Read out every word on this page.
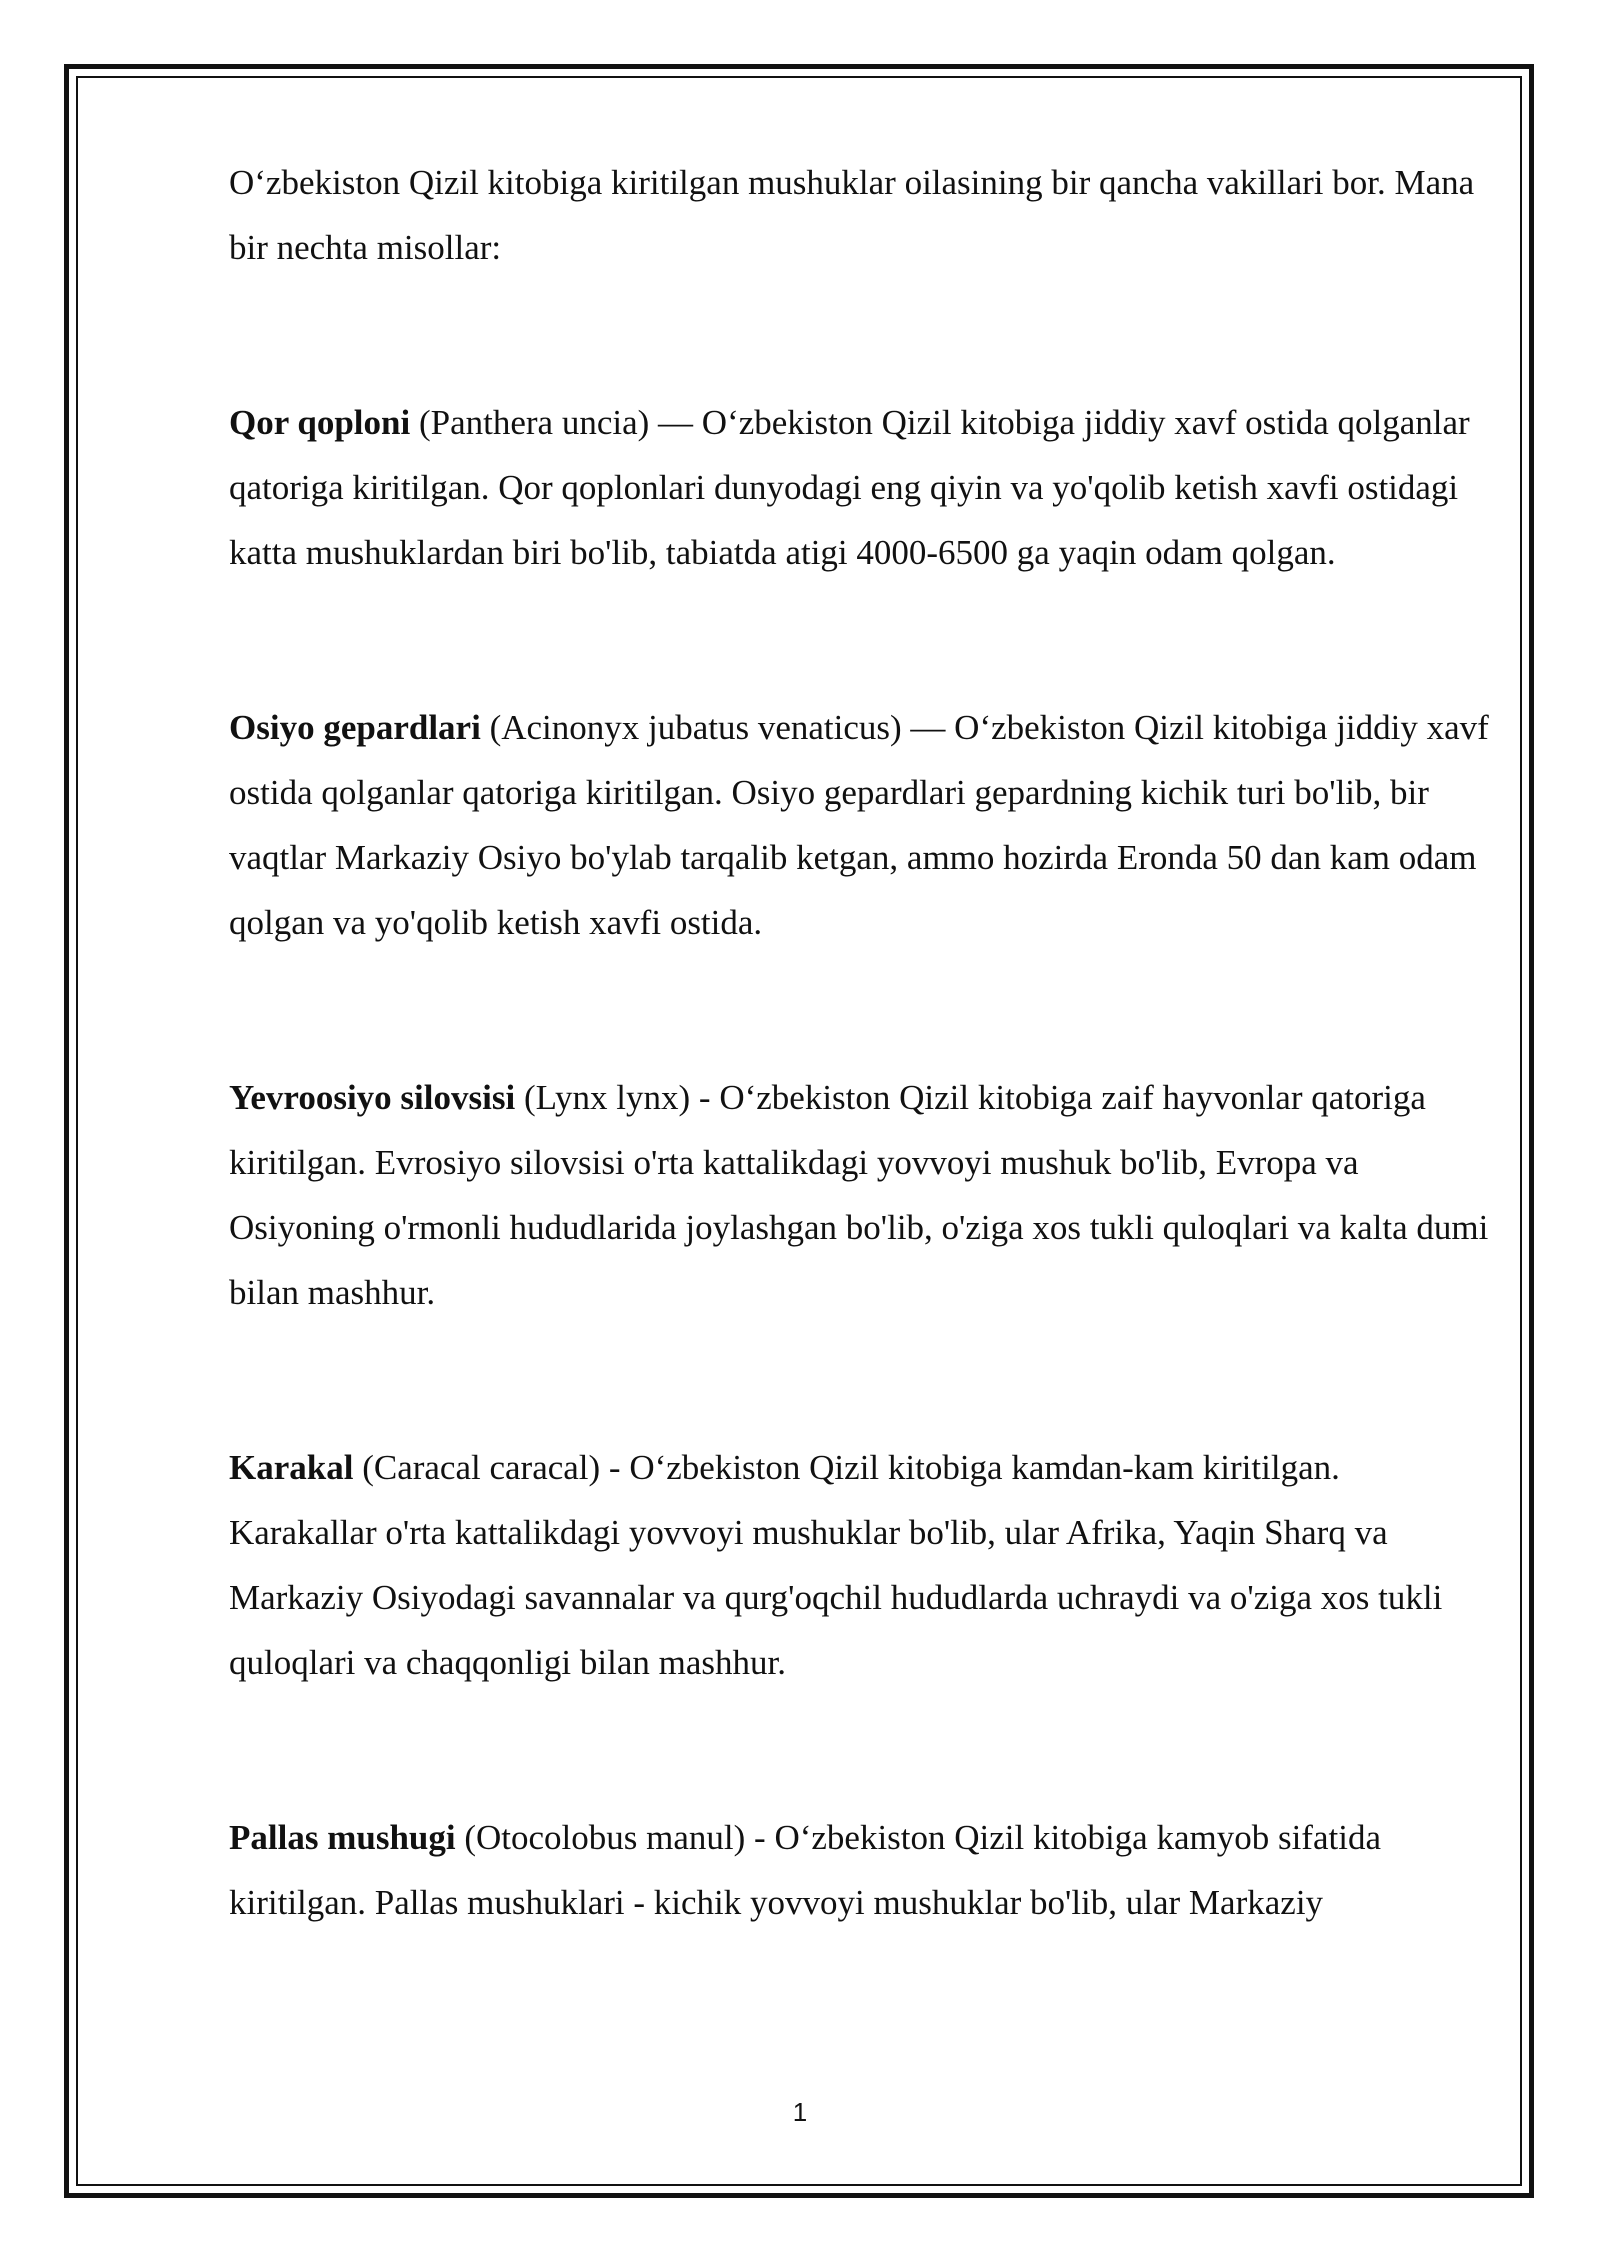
O‘zbekiston Qizil kitobiga kiritilgan mushuklar oilasining bir qancha vakillari bor. Mana bir nechta misollar:

Qor qoploni (Panthera uncia) — O‘zbekiston Qizil kitobiga jiddiy xavf ostida qolganlar qatoriga kiritilgan. Qor qoplonlari dunyodagi eng qiyin va yo'qolib ketish xavfi ostidagi katta mushuklardan biri bo'lib, tabiatda atigi 4000-6500 ga yaqin odam qolgan.

Osiyo gepardlari (Acinonyx jubatus venaticus) — O‘zbekiston Qizil kitobiga jiddiy xavf ostida qolganlar qatoriga kiritilgan. Osiyo gepardlari gepardning kichik turi bo'lib, bir vaqtlar Markaziy Osiyo bo'ylab tarqalib ketgan, ammo hozirda Eronda 50 dan kam odam qolgan va yo'qolib ketish xavfi ostida.

Yevroosiyo silovsisi (Lynx lynx) - O‘zbekiston Qizil kitobiga zaif hayvonlar qatoriga kiritilgan. Evrosiyo silovsisi o'rta kattalikdagi yovvoyi mushuk bo'lib, Evropa va Osiyoning o'rmonli hududlarida joylashgan bo'lib, o'ziga xos tukli quloqlari va kalta dumi bilan mashhur.

Karakal (Caracal caracal) - O‘zbekiston Qizil kitobiga kamdan-kam kiritilgan. Karakallar o'rta kattalikdagi yovvoyi mushuklar bo'lib, ular Afrika, Yaqin Sharq va Markaziy Osiyodagi savannalar va qurg'oqchil hududlarda uchraydi va o'ziga xos tukli quloqlari va chaqqonligi bilan mashhur.

Pallas mushugi (Otocolobus manul) - O‘zbekiston Qizil kitobiga kamyob sifatida kiritilgan. Pallas mushuklari - kichik yovvoyi mushuklar bo'lib, ular Markaziy

1
